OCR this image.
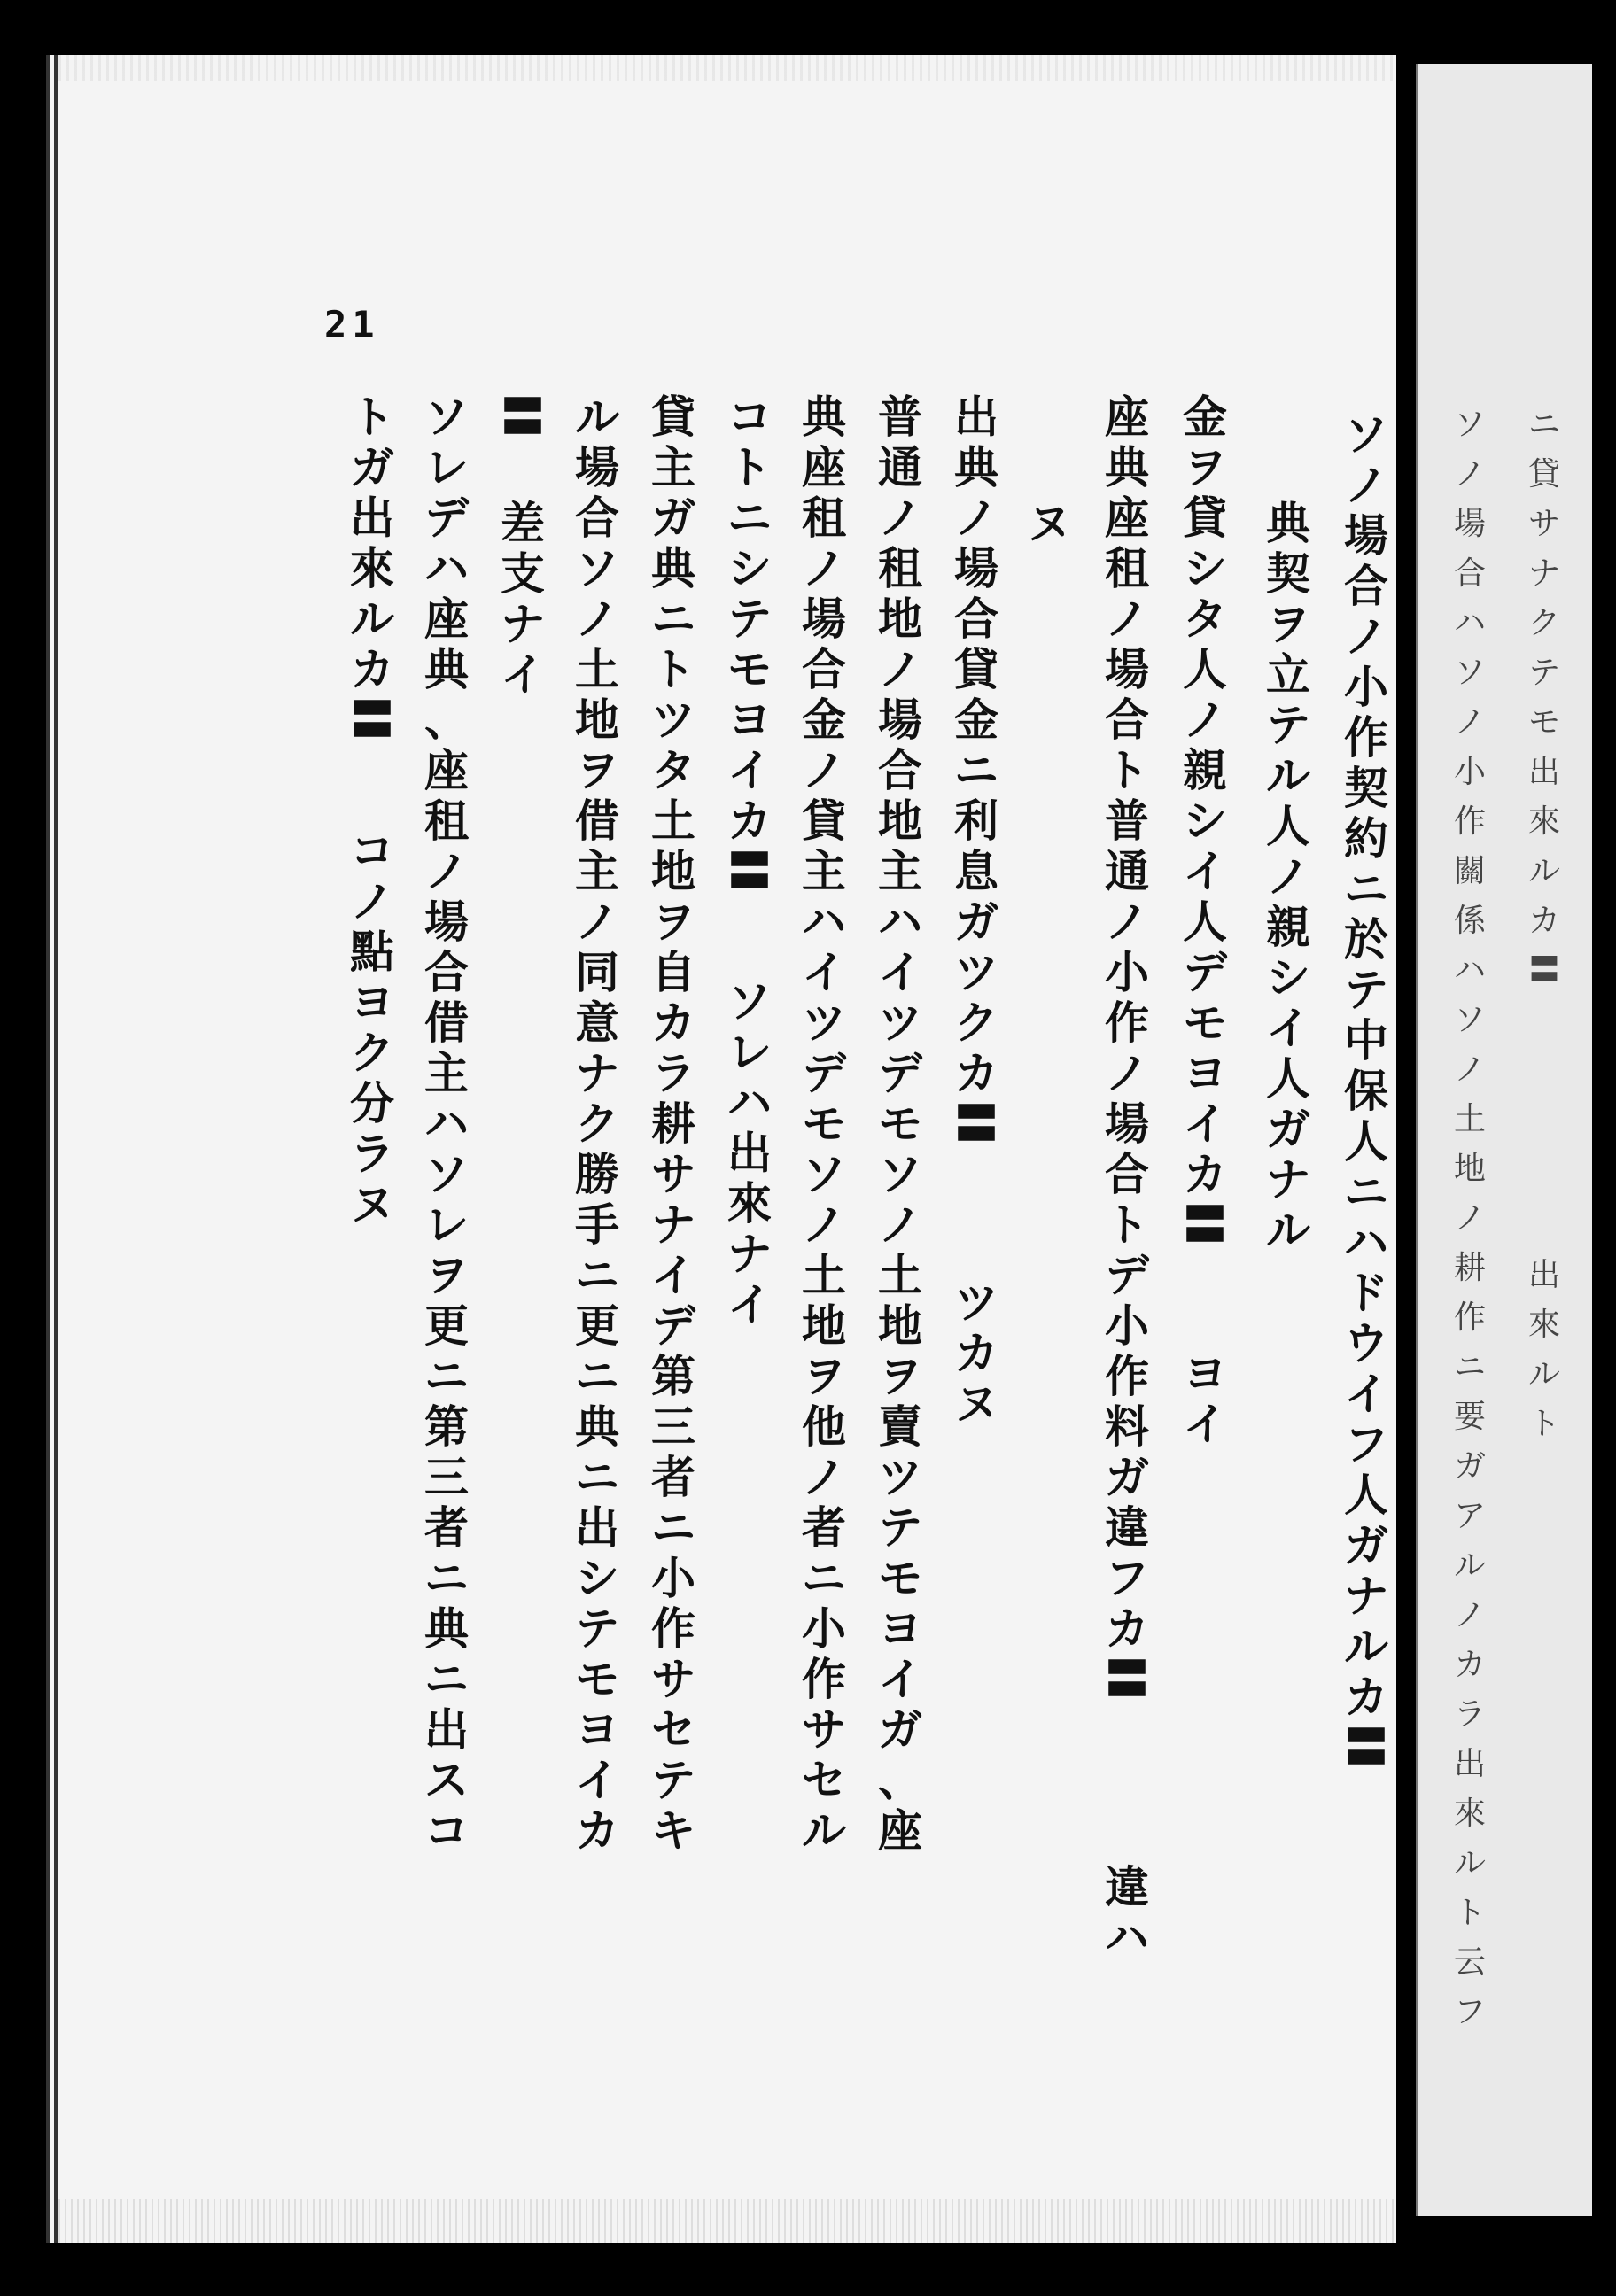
ニ貸サナクテモ出來ルカ〓
出來ルト
ソノ場合ハソノ小作關係ハソノ土地ノ耕作ニ要ガアルノカラ出來ルト云フ
21
ソノ場合ノ小作契約ニ於テ中保人ニハドウイフ人ガナルカ〓
典契ヲ立テル人ノ親シイ人ガナル
金ヲ貸シタ人ノ親シイ人デモヨイカ〓
ヨイ
座典座租ノ場合ト普通ノ小作ノ場合トデ小作料ガ違フカ〓
違ハ
ヌ
出典ノ場合貸金ニ利息ガツクカ〓
ツカヌ
普通ノ租地ノ場合地主ハイツデモソノ土地ヲ賣ツテモヨイガ、座
典座租ノ場合金ノ貸主ハイツデモソノ土地ヲ他ノ者ニ小作サセル
コトニシテモヨイカ〓
ソレハ出來ナイ
貸主ガ典ニトツタ土地ヲ自カラ耕サナイデ第三者ニ小作サセテキ
ル場合ソノ土地ヲ借主ノ同意ナク勝手ニ更ニ典ニ出シテモヨイカ
〓
差支ナイ
ソレデハ座典、座租ノ場合借主ハソレヲ更ニ第三者ニ典ニ出スコ
トガ出來ルカ〓
コノ點ヨク分ラヌ
